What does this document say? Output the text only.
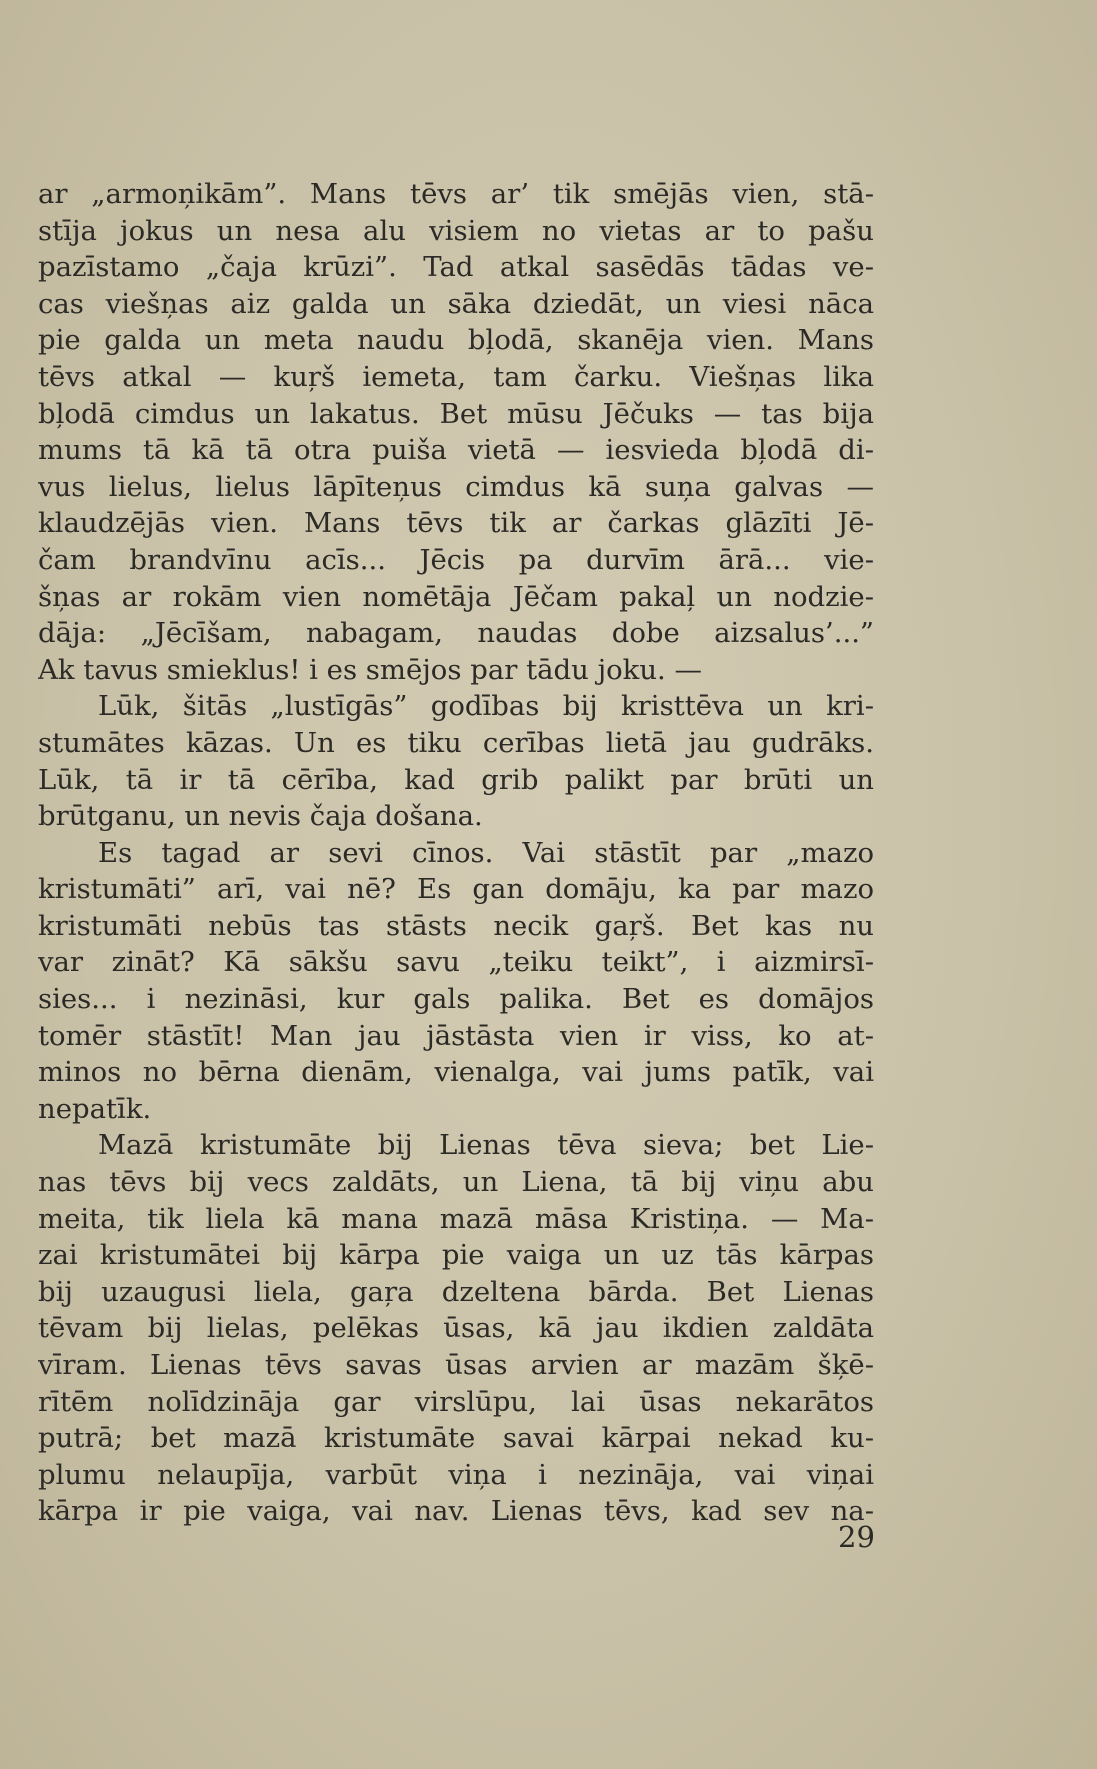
ar „armoņikām”. Mans tēvs ar’ tik smējās vien, stā-
stīja jokus un nesa alu visiem no vietas ar to pašu
pazīstamo „čaja krūzi”. Tad atkal sasēdās tādas ve-
cas viešņas aiz galda un sāka dziedāt, un viesi nāca
pie galda un meta naudu bļodā, skanēja vien. Mans
tēvs atkal — kuŗš iemeta, tam čarku. Viešņas lika
bļodā cimdus un lakatus. Bet mūsu Jēčuks — tas bija
mums tā kā tā otra puiša vietā — iesvieda bļodā di-
vus lielus, lielus lāpīteņus cimdus kā suņa galvas —
klaudzējās vien. Mans tēvs tik ar čarkas glāzīti Jē-
čam brandvīnu acīs... Jēcis pa durvīm ārā... vie-
šņas ar rokām vien nomētāja Jēčam pakaļ un nodzie-
dāja: „Jēcīšam, nabagam, naudas dobe aizsalus’...”
Ak tavus smieklus! i es smējos par tādu joku. —
Lūk, šitās „lustīgās” godības bij kristtēva un kri-
stumātes kāzas. Un es tiku cerības lietā jau gudrāks.
Lūk, tā ir tā cērība, kad grib palikt par brūti un
brūtganu, un nevis čaja došana.
Es tagad ar sevi cīnos. Vai stāstīt par „mazo
kristumāti” arī, vai nē? Es gan domāju, ka par mazo
kristumāti nebūs tas stāsts necik gaŗš. Bet kas nu
var zināt? Kā sākšu savu „teiku teikt”, i aizmirsī-
sies... i nezināsi, kur gals palika. Bet es domājos
tomēr stāstīt! Man jau jāstāsta vien ir viss, ko at-
minos no bērna dienām, vienalga, vai jums patīk, vai
nepatīk.
Mazā kristumāte bij Lienas tēva sieva; bet Lie-
nas tēvs bij vecs zaldāts, un Liena, tā bij viņu abu
meita, tik liela kā mana mazā māsa Kristiņa. — Ma-
zai kristumātei bij kārpa pie vaiga un uz tās kārpas
bij uzaugusi liela, gaŗa dzeltena bārda. Bet Lienas
tēvam bij lielas, pelēkas ūsas, kā jau ikdien zaldāta
vīram. Lienas tēvs savas ūsas arvien ar mazām šķē-
rītēm nolīdzināja gar virslūpu, lai ūsas nekarātos
putrā; bet mazā kristumāte savai kārpai nekad ku-
plumu nelaupīja, varbūt viņa i nezināja, vai viņai
kārpa ir pie vaiga, vai nav. Lienas tēvs, kad sev na-
29
